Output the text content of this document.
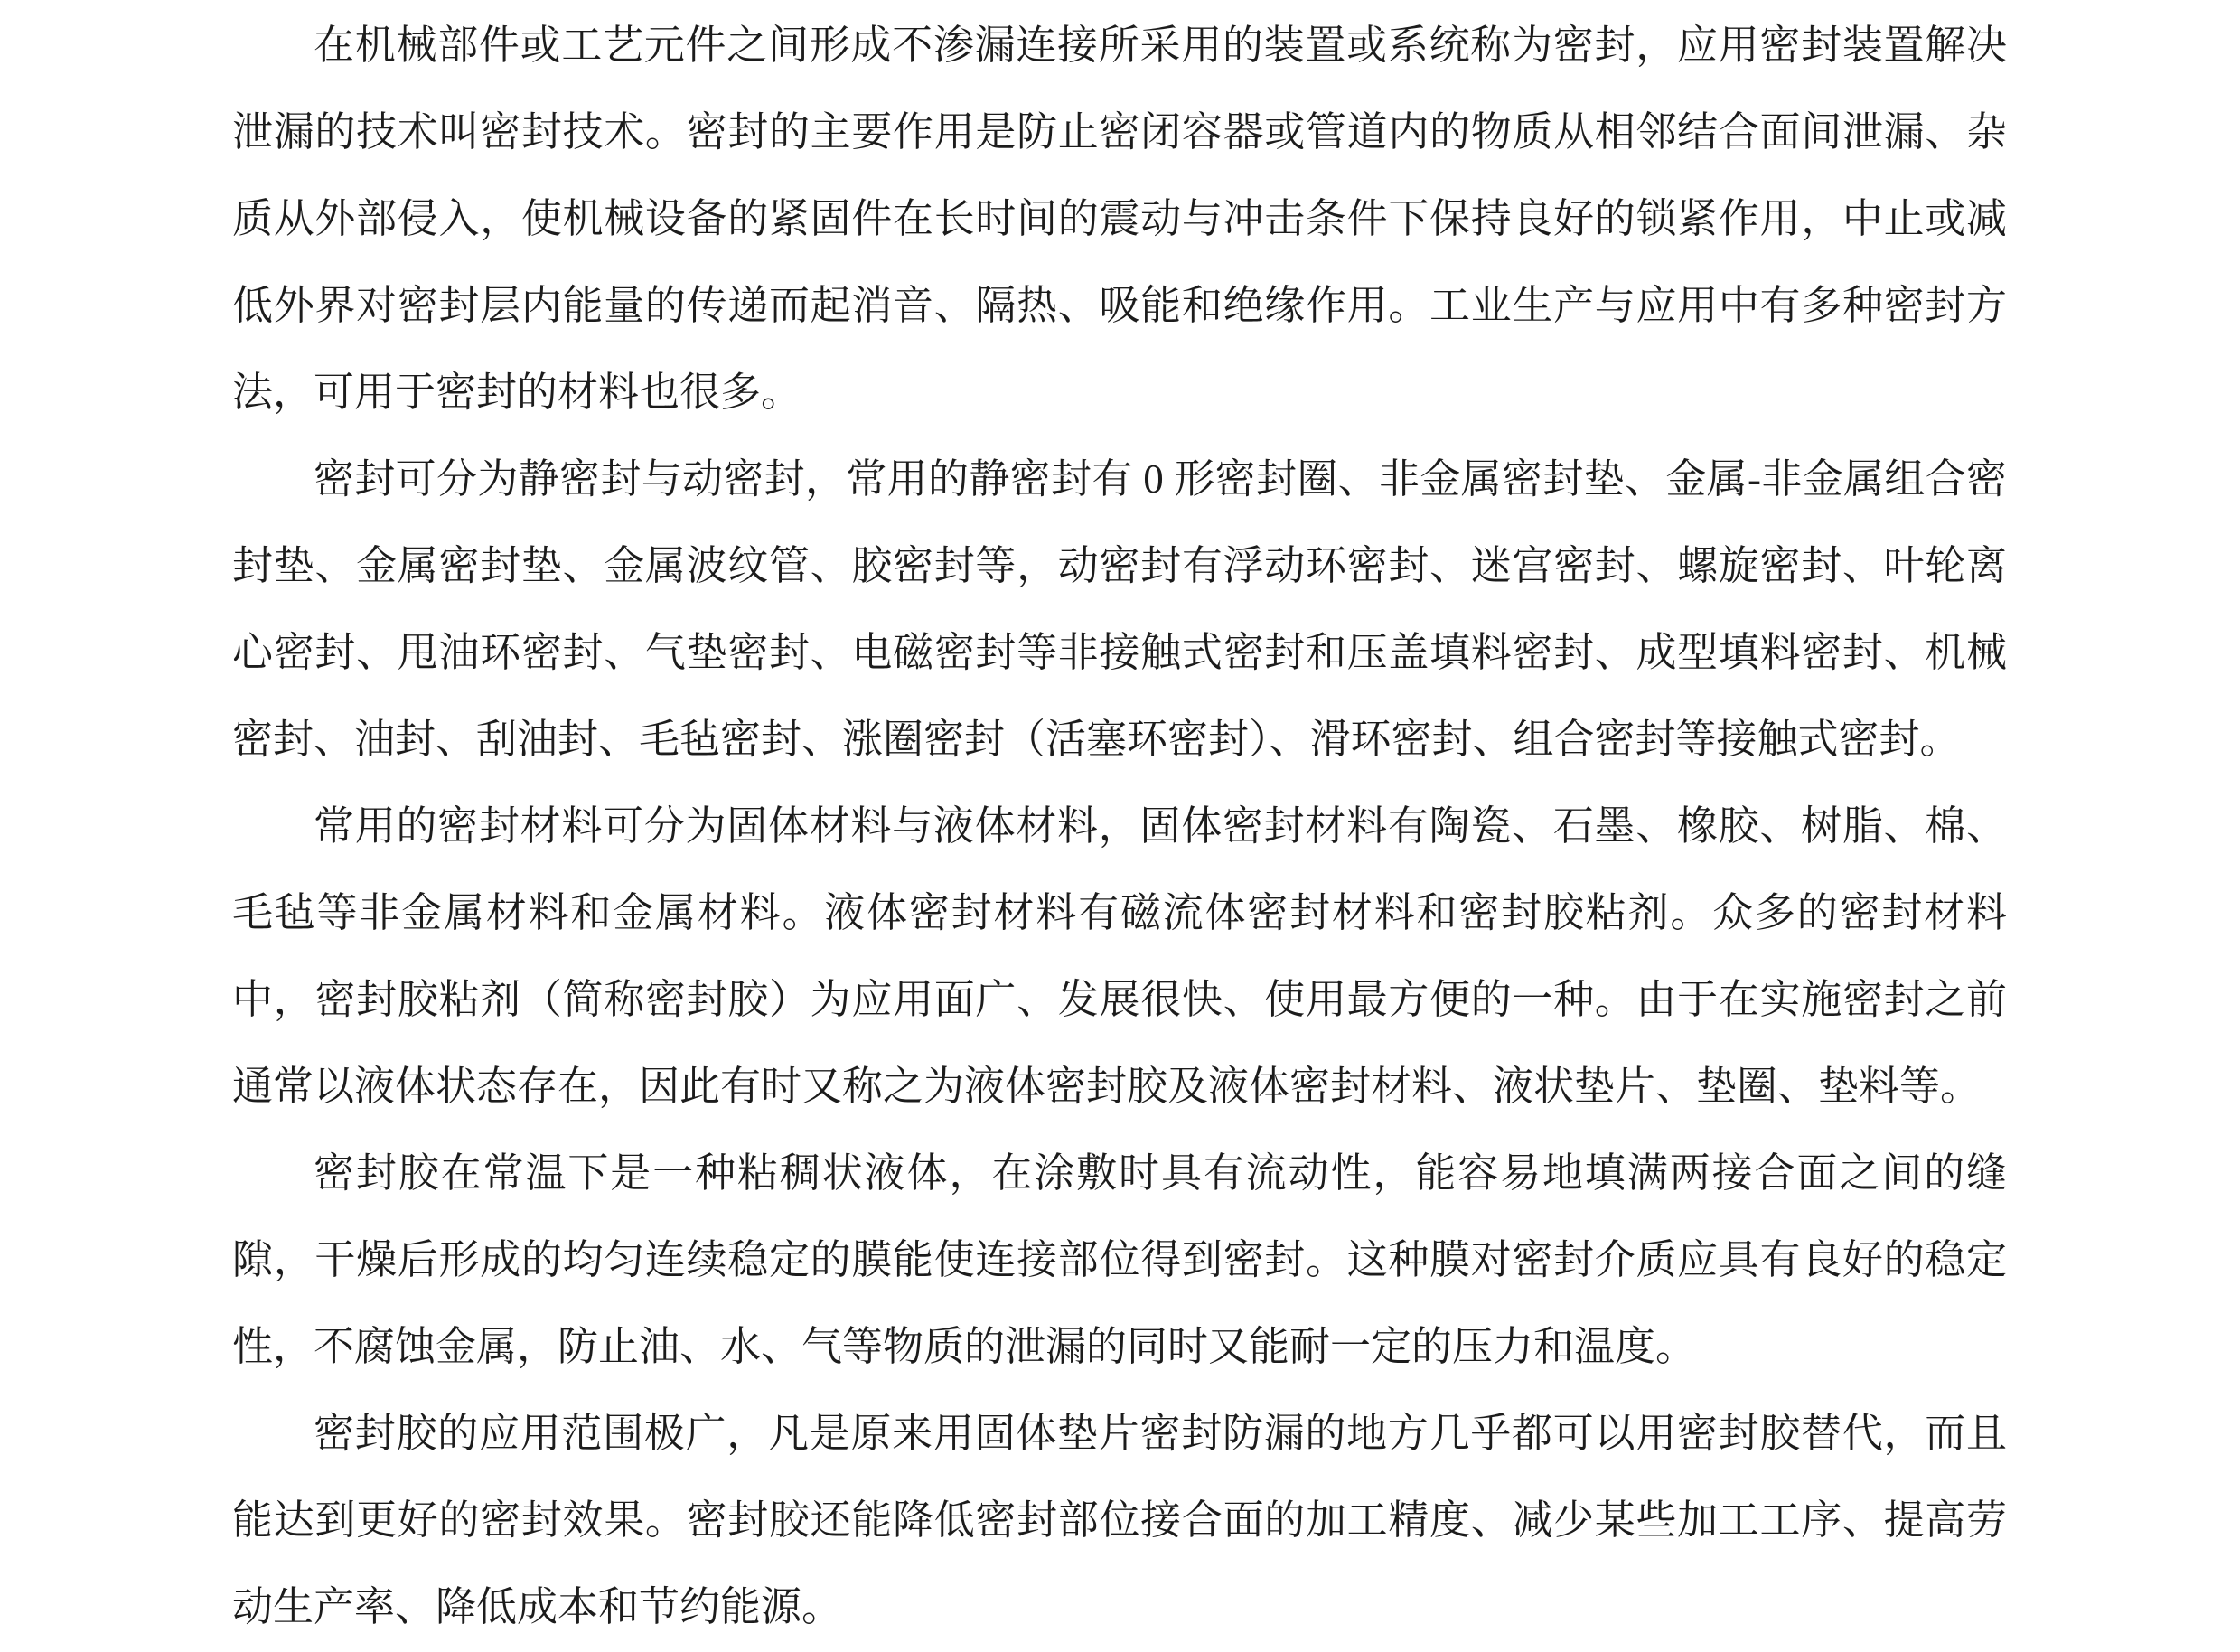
在机械部件或工艺元件之间形成不渗漏连接所采用的装置或系统称为密封，应用密封装置解决泄漏的技术叫密封技术。密封的主要作用是防止密闭容器或管道内的物质从相邻结合面间泄漏、杂质从外部侵入，使机械设备的紧固件在长时间的震动与冲击条件下保持良好的锁紧作用，中止或减低外界对密封层内能量的传递而起消音、隔热、吸能和绝缘作用。工业生产与应用中有多种密封方法，可用于密封的材料也很多。

密封可分为静密封与动密封，常用的静密封有 0 形密封圈、非金属密封垫、金属-非金属组合密封垫、金属密封垫、金属波纹管、胶密封等，动密封有浮动环密封、迷宫密封、螺旋密封、叶轮离心密封、甩油环密封、气垫密封、电磁密封等非接触式密封和压盖填料密封、成型填料密封、机械密封、油封、刮油封、毛毡密封、涨圈密封（活塞环密封）、滑环密封、组合密封等接触式密封。

常用的密封材料可分为固体材料与液体材料，固体密封材料有陶瓷、石墨、橡胶、树脂、棉、毛毡等非金属材料和金属材料。液体密封材料有磁流体密封材料和密封胶粘剂。众多的密封材料中，密封胶粘剂（简称密封胶）为应用面广、发展很快、使用最方便的一种。由于在实施密封之前通常以液体状态存在，因此有时又称之为液体密封胶及液体密封材料、液状垫片、垫圈、垫料等。

密封胶在常温下是一种粘稠状液体，在涂敷时具有流动性，能容易地填满两接合面之间的缝隙，干燥后形成的均匀连续稳定的膜能使连接部位得到密封。这种膜对密封介质应具有良好的稳定性，不腐蚀金属，防止油、水、气等物质的泄漏的同时又能耐一定的压力和温度。

密封胶的应用范围极广，凡是原来用固体垫片密封防漏的地方几乎都可以用密封胶替代，而且能达到更好的密封效果。密封胶还能降低密封部位接合面的加工精度、减少某些加工工序、提高劳动生产率、降低成本和节约能源。
